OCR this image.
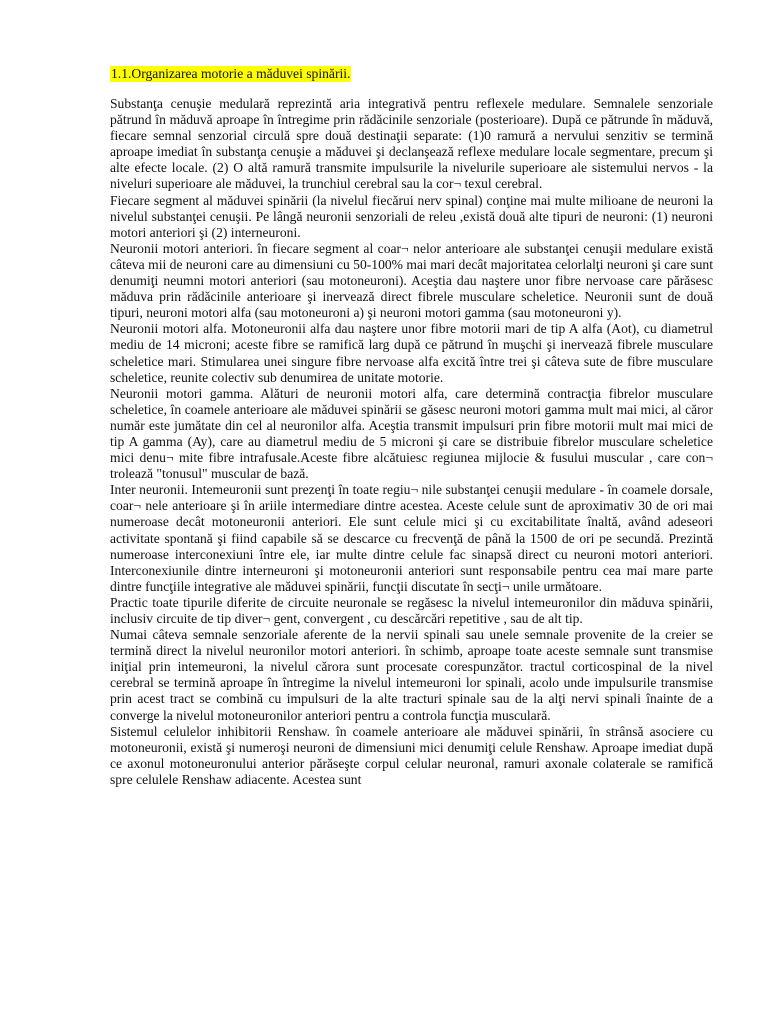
1.1.Organizarea motorie a măduvei spinării.

Substanţa cenuşie medulară reprezintă aria integrativă pentru reflexele medulare. Semnalele senzoriale pătrund în măduvă aproape în întregime prin rădăcinile senzoriale (posterioare). După ce pătrunde în măduvă, fiecare semnal senzorial circulă spre două destinaţii separate: (1)0 ramură a nervului senzitiv se termină aproape imediat în substanţa cenuşie a măduvei şi declanşează reflexe medulare locale segmentare, precum şi alte efecte locale. (2) O altă ramură transmite impulsurile la nivelurile superioare ale sistemului nervos - la niveluri superioare ale măduvei, la trunchiul cerebral sau la cor¬ texul cerebral.

Fiecare segment al măduvei spinării (la nivelul fiecărui nerv spinal) conţine mai multe milioane de neuroni la nivelul substanţei cenuşii. Pe lângă neuronii senzoriali de releu ,există două alte tipuri de neuroni: (1) neuroni motori anteriori şi (2) interneuroni.

Neuronii motori anteriori. în fiecare segment al coar¬ nelor anterioare ale substanţei cenuşii medulare există câteva mii de neuroni care au dimensiuni cu 50-100% mai mari decât majoritatea celorlalţi neuroni şi care sunt denumiţi neumni motori anteriori (sau motoneuroni). Aceştia dau naştere unor fibre nervoase care părăsesc măduva prin rădăcinile anterioare şi inervează direct fibrele musculare scheletice. Neuronii sunt de două tipuri, neuroni motori alfa (sau motoneuroni a) şi neuroni motori gamma (sau motoneuroni y).

Neuronii motori alfa. Motoneuronii alfa dau naştere unor fibre motorii mari de tip A alfa (Aot), cu diametrul mediu de 14 microni; aceste fibre se ramifică larg după ce pătrund în muşchi şi inervează fibrele musculare scheletice mari. Stimularea unei singure fibre nervoase alfa excită între trei şi câteva sute de fibre musculare scheletice, reunite colectiv sub denumirea de unitate motorie.

Neuronii motori gamma. Alături de neuronii motori alfa, care determină contracţia fibrelor musculare scheletice, în coamele anterioare ale măduvei spinării se găsesc neuroni motori gamma mult mai mici, al căror număr este jumătate din cel al neuronilor alfa. Aceştia transmit impulsuri prin fibre motorii mult mai mici de tip A gamma (Ay), care au diametrul mediu de 5 microni şi care se distribuie fibrelor musculare scheletice mici denu¬ mite fibre intrafusale.Aceste fibre alcătuiesc regiunea mijlocie & fusului muscular , care con¬ trolează "tonusul" muscular de bază.

Inter neuronii. Intemeuronii sunt prezenţi în toate regiu¬ nile substanţei cenuşii medulare - în coamele dorsale, coar¬ nele anterioare şi în ariile intermediare dintre acestea. Aceste celule sunt de aproximativ 30 de ori mai numeroase decât motoneuronii anteriori. Ele sunt celule mici şi cu excitabilitate înaltă, având adeseori activitate spontană şi fiind capabile să se descarce cu frecvenţă de până la 1500 de ori pe secundă. Prezintă numeroase interconexiuni între ele, iar multe dintre celule fac sinapsă direct cu neuroni motori anteriori. Interconexiunile dintre interneuroni şi motoneuronii anteriori sunt responsabile pentru cea mai mare parte dintre funcţiile integrative ale măduvei spinării, funcţii discutate în secţi¬ unile următoare.

Practic toate tipurile diferite de circuite neuronale se regăsesc la nivelul intemeuronilor din măduva spinării, inclusiv circuite de tip diver¬ gent, convergent , cu descărcări repetitive , sau de alt tip.

Numai câteva semnale senzoriale aferente de la nervii spinali sau unele semnale provenite de la creier se termină direct la nivelul neuronilor motori anteriori. în schimb, aproape toate aceste semnale sunt transmise iniţial prin intemeuroni, la nivelul cărora sunt procesate corespunzător. tractul corticospinal de la nivel cerebral se termină aproape în întregime la nivelul intemeuroni lor spinali, acolo unde impulsurile transmise prin acest tract se combină cu impulsuri de la alte tracturi spinale sau de la alţi nervi spinali înainte de a converge la nivelul motoneuronilor anteriori pentru a controla funcţia musculară.

Sistemul celulelor inhibitorii Renshaw. în coamele anterioare ale măduvei spinării, în strânsă asociere cu motoneuronii, există şi numeroşi neuroni de dimensiuni mici denumiţi celule Renshaw. Aproape imediat după ce axonul motoneuronului anterior părăseşte corpul celular neuronal, ramuri axonale colaterale se ramifică spre celulele Renshaw adiacente. Acestea sunt
